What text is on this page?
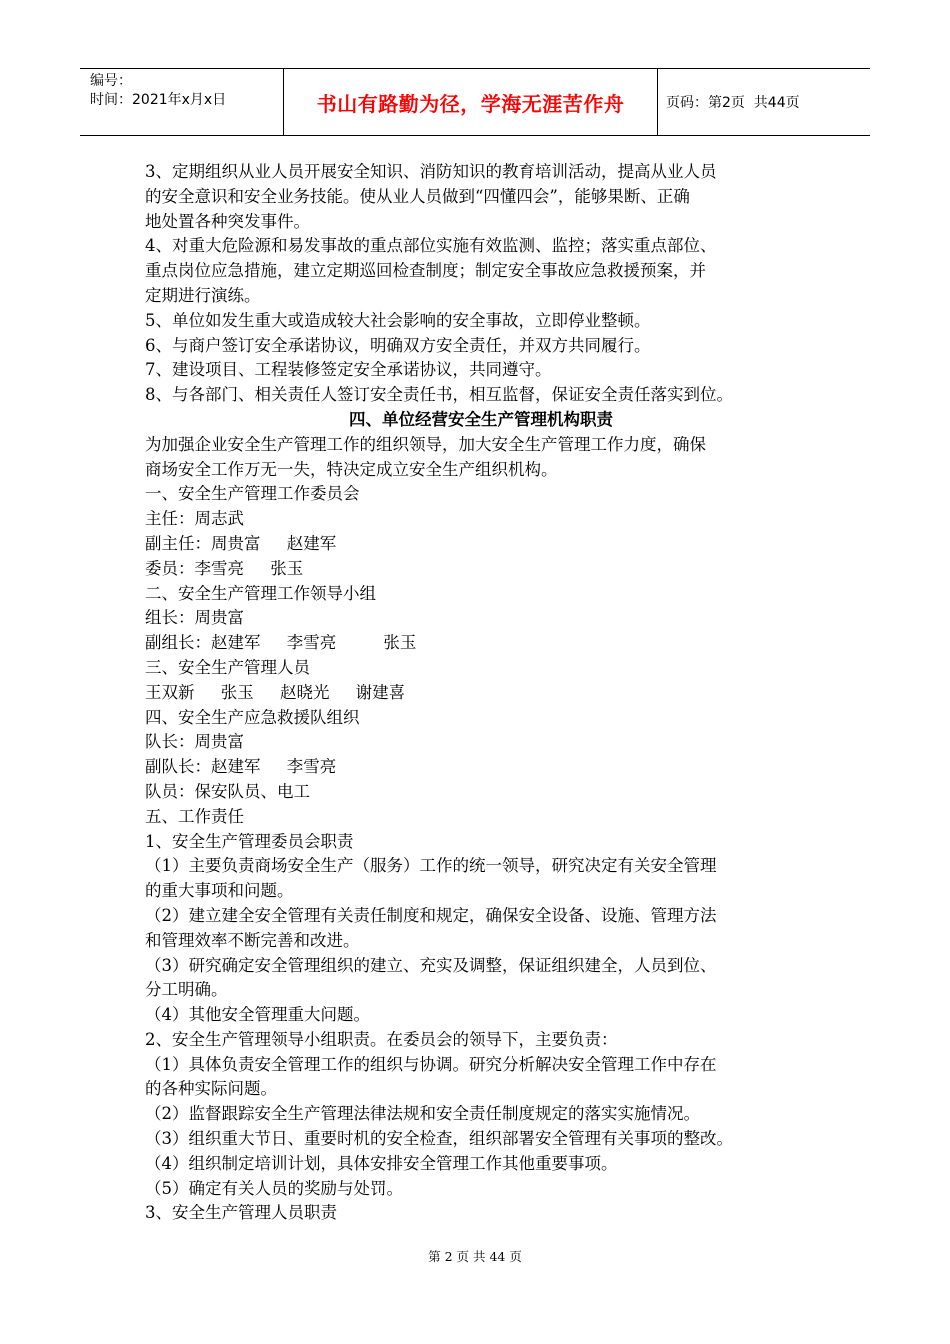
编号：
时间：2021年x月x日	书山有路勤为径，学海无涯苦作舟	页码：第2页  共44页
3、定期组织从业人员开展安全知识、消防知识的教育培训活动，提高从业人员
的安全意识和安全业务技能。使从业人员做到“四懂四会”，能够果断、正确
地处置各种突发事件。
4、对重大危险源和易发事故的重点部位实施有效监测、监控；落实重点部位、
重点岗位应急措施，建立定期巡回检查制度；制定安全事故应急救援预案，并
定期进行演练。
5、单位如发生重大或造成较大社会影响的安全事故，立即停业整顿。
6、与商户签订安全承诺协议，明确双方安全责任，并双方共同履行。
7、建设项目、工程装修签定安全承诺协议，共同遵守。
8、与各部门、相关责任人签订安全责任书，相互监督，保证安全责任落实到位。
四、单位经营安全生产管理机构职责
为加强企业安全生产管理工作的组织领导，加大安全生产管理工作力度，确保
商场安全工作万无一失，特决定成立安全生产组织机构。
一、安全生产管理工作委员会
主任：周志武
副主任：周贵富     赵建军
委员：李雪亮     张玉
二、安全生产管理工作领导小组
组长：周贵富
副组长：赵建军     李雪亮         张玉
三、安全生产管理人员
王双新     张玉     赵晓光     谢建喜
四、安全生产应急救援队组织
队长：周贵富
副队长：赵建军     李雪亮
队员：保安队员、电工
五、工作责任
1、安全生产管理委员会职责
（1）主要负责商场安全生产（服务）工作的统一领导，研究决定有关安全管理
的重大事项和问题。
（2）建立建全安全管理有关责任制度和规定，确保安全设备、设施、管理方法
和管理效率不断完善和改进。
（3）研究确定安全管理组织的建立、充实及调整，保证组织建全，人员到位、
分工明确。
（4）其他安全管理重大问题。
2、安全生产管理领导小组职责。在委员会的领导下，主要负责：
（1）具体负责安全管理工作的组织与协调。研究分析解决安全管理工作中存在
的各种实际问题。
（2）监督跟踪安全生产管理法律法规和安全责任制度规定的落实实施情况。
（3）组织重大节日、重要时机的安全检查，组织部署安全管理有关事项的整改。
（4）组织制定培训计划，具体安排安全管理工作其他重要事项。
（5）确定有关人员的奖励与处罚。
3、安全生产管理人员职责
第 2 页 共 44 页
